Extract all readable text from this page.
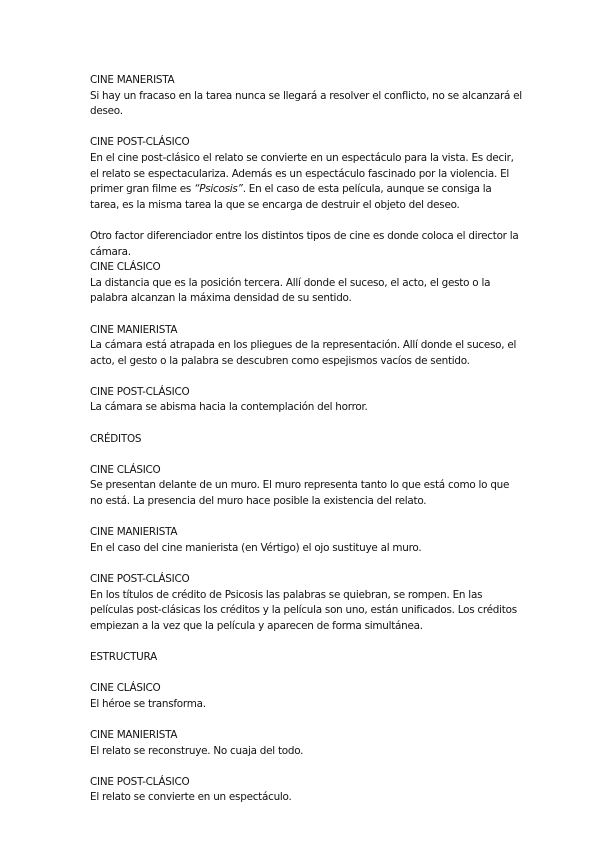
CINE MANERISTA

Si hay un fracaso en la tarea nunca se llegará a resolver el conflicto, no se alcanzará el deseo.

CINE POST-CLÁSICO

En el cine post-clásico el relato se convierte en un espectáculo para la vista. Es decir, el relato se espectaculariza. Además es un espectáculo fascinado por la violencia. El primer gran filme es “Psicosis”. En el caso de esta película, aunque se consiga la tarea, es la misma tarea la que se encarga de destruir el objeto del deseo.

Otro factor diferenciador entre los distintos tipos de cine es donde coloca el director la cámara.

CINE CLÁSICO

La distancia que es la posición tercera. Allí donde el suceso, el acto, el gesto o la palabra alcanzan la máxima densidad de su sentido.

CINE MANIERISTA

La cámara está atrapada en los pliegues de la representación. Allí donde el suceso, el acto, el gesto o la palabra se descubren como espejismos vacíos de sentido.

CINE POST-CLÁSICO

La cámara se abisma hacia la contemplación del horror.

CRÉDITOS

CINE CLÁSICO

Se presentan delante de un muro. El muro representa tanto lo que está como lo que no está. La presencia del muro hace posible la existencia del relato.

CINE MANIERISTA

En el caso del cine manierista (en Vértigo) el ojo sustituye al muro.

CINE POST-CLÁSICO

En los títulos de crédito de Psicosis las palabras se quiebran, se rompen. En las películas post-clásicas los créditos y la película son uno, están unificados. Los créditos empiezan a la vez que la película y aparecen de forma simultánea.

ESTRUCTURA

CINE CLÁSICO

El héroe se transforma.

CINE MANIERISTA

El relato se reconstruye. No cuaja del todo.

CINE POST-CLÁSICO

El relato se convierte en un espectáculo.
